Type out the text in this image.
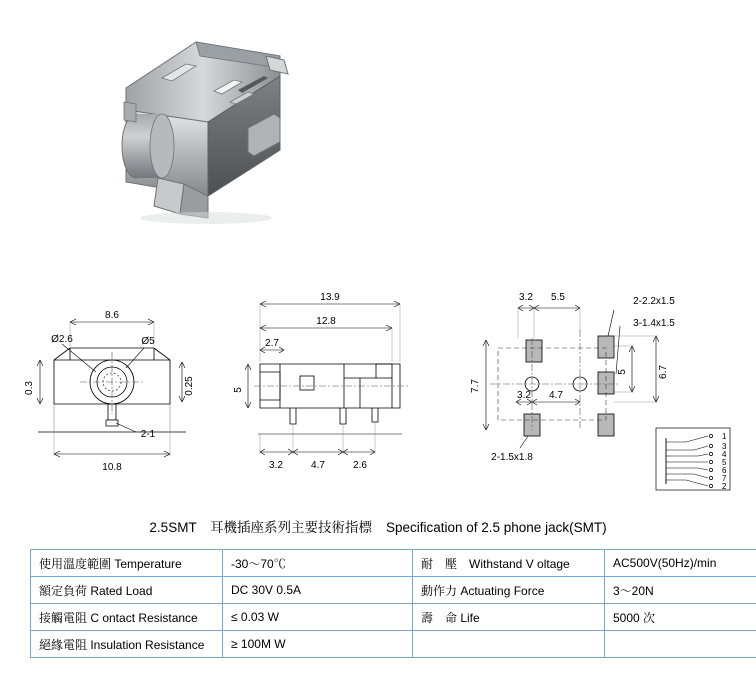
8.6
Ø2.6	Ø5
0.3	0.25
2-1
10.8
13.9
12.8
2.7
5
3.2	4.7	2.6
3.2 5.5	2-2.2x1.5
3-1.4x1.5
7.7
3.2 4.7
5	6.7
2-1.5x1.8
1
3
4
5
6
7
2
2.5SMT　耳機插座系列主要技術指標 Specification of 2.5 phone jack(SMT)
使用溫度範圍 Temperature	-30～70℃	耐　壓　Withstand V oltage	AC500V(50Hz)/min
額定負荷 Rated Load	DC 30V 0.5A	動作力 Actuating Force	3～20N
接觸電阻 C ontact Resistance	≤ 0.03 W	壽　命 Life	5000 次
絕緣電阻 Insulation Resistance	≥ 100M W		
